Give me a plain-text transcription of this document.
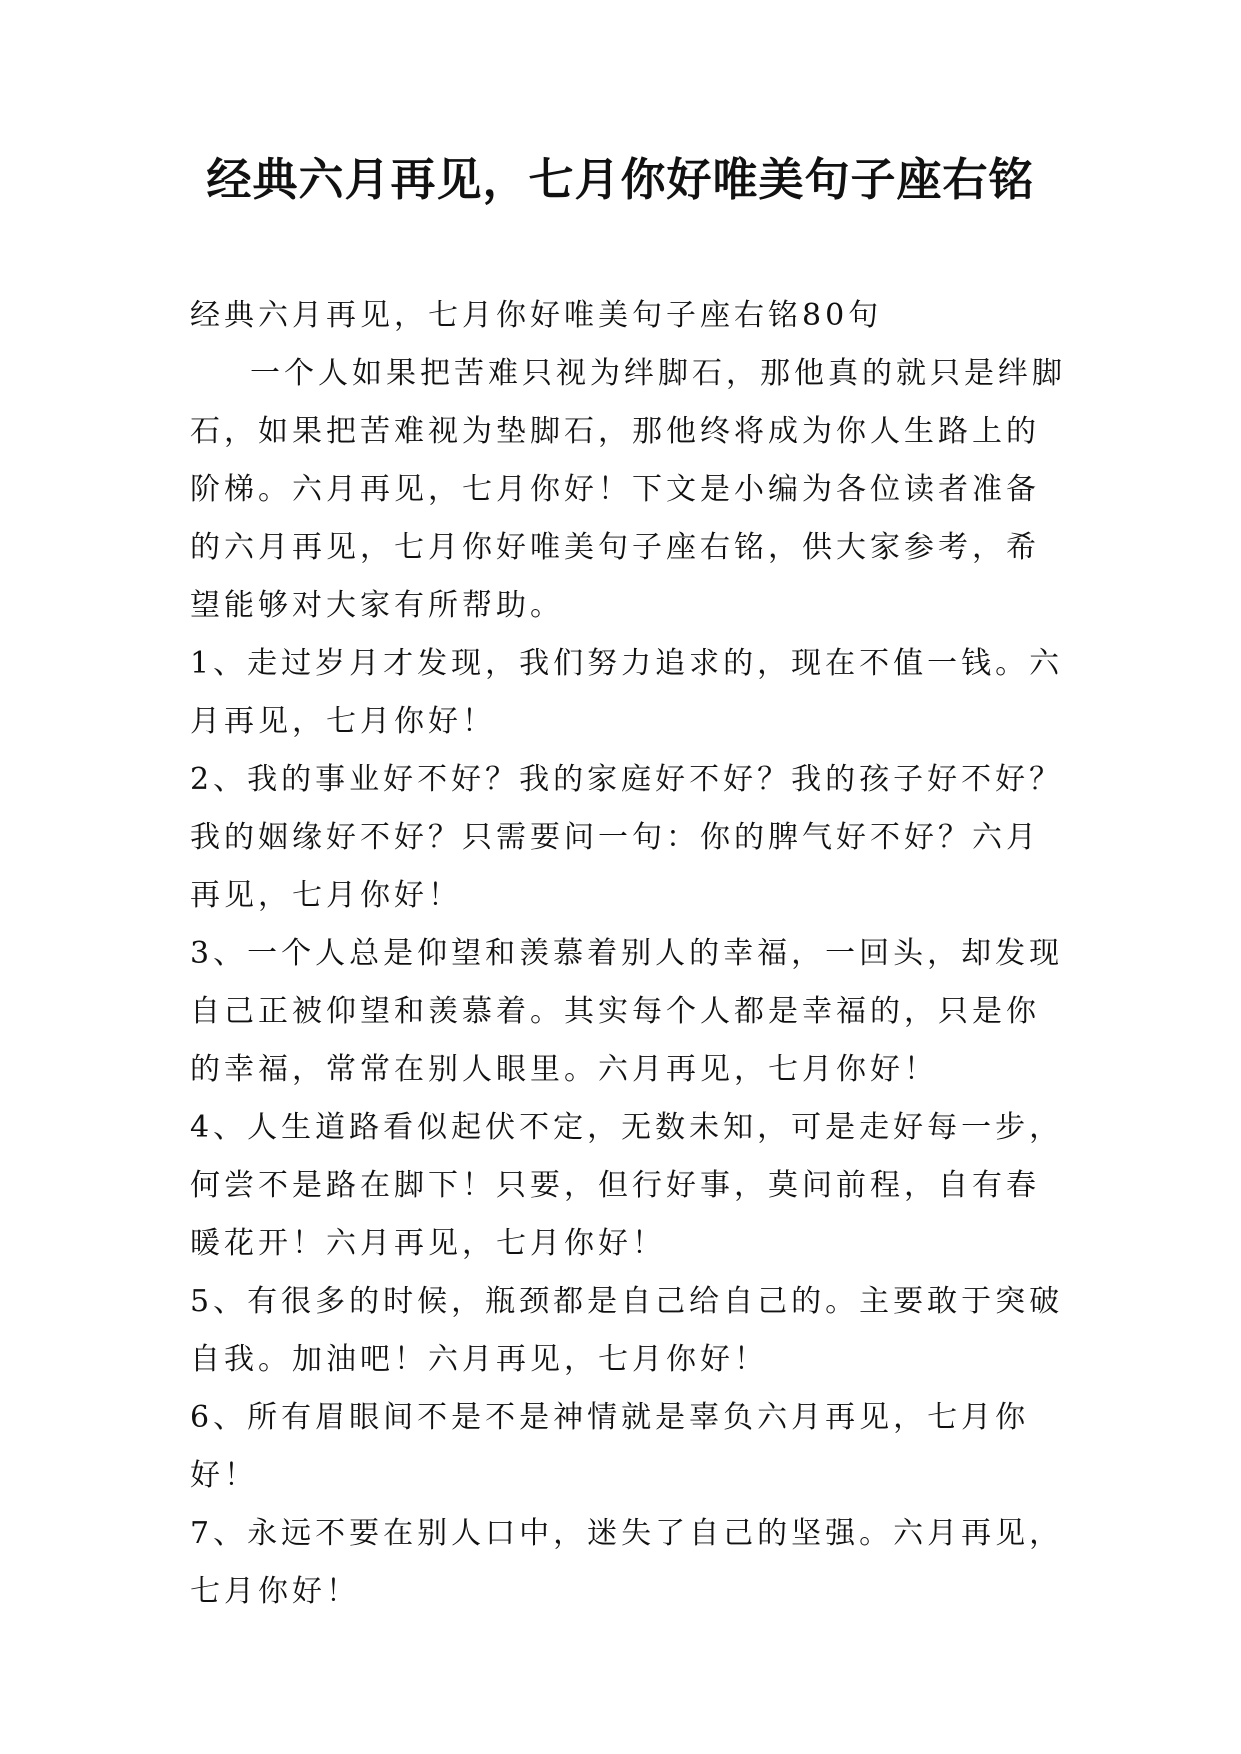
经典六月再见，七月你好唯美句子座右铭

经典六月再见，七月你好唯美句子座右铭80句

一个人如果把苦难只视为绊脚石，那他真的就只是绊脚石，如果把苦难视为垫脚石，那他终将成为你人生路上的阶梯。六月再见，七月你好！下文是小编为各位读者准备的六月再见，七月你好唯美句子座右铭，供大家参考，希望能够对大家有所帮助。

1、走过岁月才发现，我们努力追求的，现在不值一钱。六月再见，七月你好！

2、我的事业好不好？我的家庭好不好？我的孩子好不好？我的姻缘好不好？只需要问一句：你的脾气好不好？六月再见，七月你好！

3、一个人总是仰望和羡慕着别人的幸福，一回头，却发现自己正被仰望和羡慕着。其实每个人都是幸福的，只是你的幸福，常常在别人眼里。六月再见，七月你好！

4、人生道路看似起伏不定，无数未知，可是走好每一步，何尝不是路在脚下！只要，但行好事，莫问前程，自有春暖花开！六月再见，七月你好！

5、有很多的时候，瓶颈都是自己给自己的。主要敢于突破自我。加油吧！六月再见，七月你好！

6、所有眉眼间不是不是神情就是辜负六月再见，七月你好！

7、永远不要在别人口中，迷失了自己的坚强。六月再见，七月你好！
